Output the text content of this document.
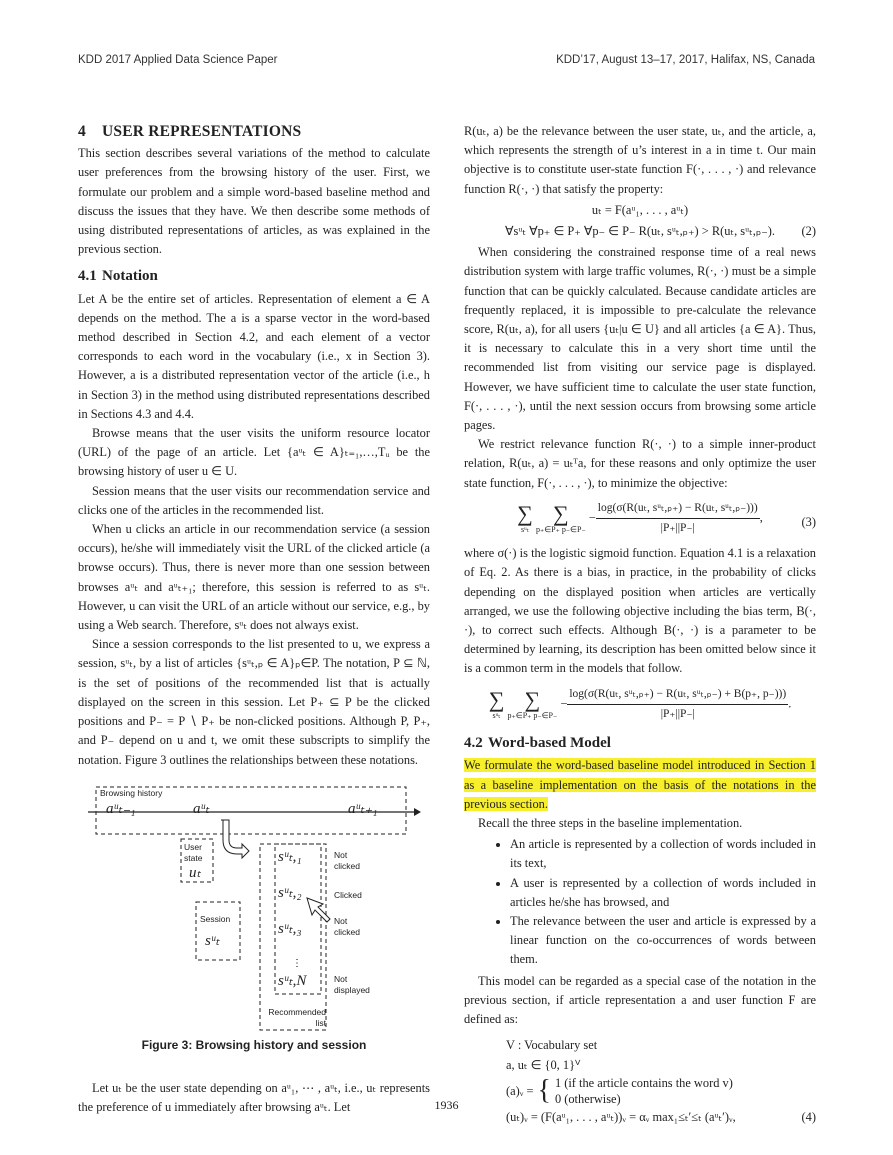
KDD 2017 Applied Data Science Paper	KDD’17, August 13–17, 2017, Halifax, NS, Canada
4 USER REPRESENTATIONS

This section describes several variations of the method to calculate user preferences from the browsing history of the user. First, we formulate our problem and a simple word-based baseline method and discuss the issues that they have. We then describe some methods of using distributed representations of articles, as was explained in the previous section.

4.1 Notation

Let A be the entire set of articles. Representation of element a ∈ A depends on the method. The a is a sparse vector in the word-based method described in Section 4.2, and each element of a vector corresponds to each word in the vocabulary (i.e., x in Section 3). However, a is a distributed representation vector of the article (i.e., h in Section 3) in the method using distributed representations described in Sections 4.3 and 4.4.

Browse means that the user visits the uniform resource locator (URL) of the page of an article. Let {aᵘₜ ∈ A}ₜ₌₁,…,Tᵤ be the browsing history of user u ∈ U.

Session means that the user visits our recommendation service and clicks one of the articles in the recommended list.

When u clicks an article in our recommendation service (a session occurs), he/she will immediately visit the URL of the clicked article (a browse occurs). Thus, there is never more than one session between browses aᵘₜ and aᵘₜ₊₁; therefore, this session is referred to as sᵘₜ. However, u can visit the URL of an article without our service, e.g., by using a Web search. Therefore, sᵘₜ does not always exist.

Since a session corresponds to the list presented to u, we express a session, sᵘₜ, by a list of articles {sᵘₜ,ₚ ∈ A}ₚ∈P. The notation, P ⊆ ℕ, is the set of positions of the recommended list that is actually displayed on the screen in this session. Let P₊ ⊆ P be the clicked positions and P₋ = P ∖ P₊ be non-clicked positions. Although P, P₊, and P₋ depend on u and t, we omit these subscripts to simplify the notation. Figure 3 outlines the relationships between these notations.

⋮
Browsing history
aᵘₜ₋₁	aᵘₜ	aᵘₜ₊₁
User state
uₜ
sᵘₜ,₁
sᵘₜ,₂
sᵘₜ,₃
sᵘₜ,N
Not clicked
Clicked
Not clicked
Not displayed
Session
sᵘₜ
Recommended list
Figure 3: Browsing history and session

Let uₜ be the user state depending on aᵘ₁, ⋯ , aᵘₜ, i.e., uₜ represents the preference of u immediately after browsing aᵘₜ. Let

R(uₜ, a) be the relevance between the user state, uₜ, and the article, a, which represents the strength of u’s interest in a in time t. Our main objective is to constitute user-state function F(·, . . . , ·) and relevance function R(·, ·) that satisfy the property:

uₜ = F(aᵘ₁, . . . , aᵘₜ)
∀sᵘₜ ∀p₊ ∈ P₊ ∀p₋ ∈ P₋ R(uₜ, sᵘₜ,ₚ₊) > R(uₜ, sᵘₜ,ₚ₋). (2)

When considering the constrained response time of a real news distribution system with large traffic volumes, R(·, ·) must be a simple function that can be quickly calculated. Because candidate articles are frequently replaced, it is impossible to pre-calculate the relevance score, R(uₜ, a), for all users {uₜ|u ∈ U} and all articles {a ∈ A}. Thus, it is necessary to calculate this in a very short time until the recommended list from visiting our service page is displayed. However, we have sufficient time to calculate the user state function, F(·, . . . , ·), until the next session occurs from browsing some article pages.

We restrict relevance function R(·, ·) to a simple inner-product relation, R(uₜ, a) = uₜᵀa, for these reasons and only optimize the user state function, F(·, . . . , ·), to minimize the objective:

∑
sᵘₜ
∑
p₊∈P₊ p₋∈P₋
− $\frac{\text{log(σ(R(uₜ, sᵘₜ,ₚ₊) − R(uₜ, sᵘₜ,ₚ₋)))}}{|P_+||P_-|}$ ,	(3)

where σ(·) is the logistic sigmoid function. Equation 4.1 is a relaxation of Eq. 2. As there is a bias, in practice, in the probability of clicks depending on the displayed position when articles are vertically arranged, we use the following objective including the bias term, B(·, ·), to correct such effects. Although B(·, ·) is a parameter to be determined by learning, its description has been omitted below since it is a common term in the models that follow.

∑
sᵘₜ
∑
p₊∈P₊ p₋∈P₋
− $\frac{\text{log(σ(R(uₜ, sᵘₜ,ₚ₊) − R(uₜ, sᵘₜ,ₚ₋) + B(p₊, p₋)))}}{|P_+||P_-|}$ .
4.2 Word-based Model

We formulate the word-based baseline model introduced in Section 1 as a baseline implementation on the basis of the notations in the previous section.

Recall the three steps in the baseline implementation.

• An article is represented by a collection of words included in its text,
• A user is represented by a collection of words included in articles he/she has browsed, and
• The relevance between the user and article is expressed by a linear function on the co-occurrences of words between them.

This model can be regarded as a special case of the notation in the previous section, if article representation a and user function F are defined as:

V : Vocabulary set
a, uₜ ∈ {0, 1}ⱽ
(a)ᵥ = { 1 (if the article contains the word v)
0 (otherwise)
(uₜ)ᵥ = (F(aᵘ₁, . . . , aᵘₜ))ᵥ = αᵥ max₁≤ₜ′≤ₜ (aᵘₜ′)ᵥ,	(4)
1936
